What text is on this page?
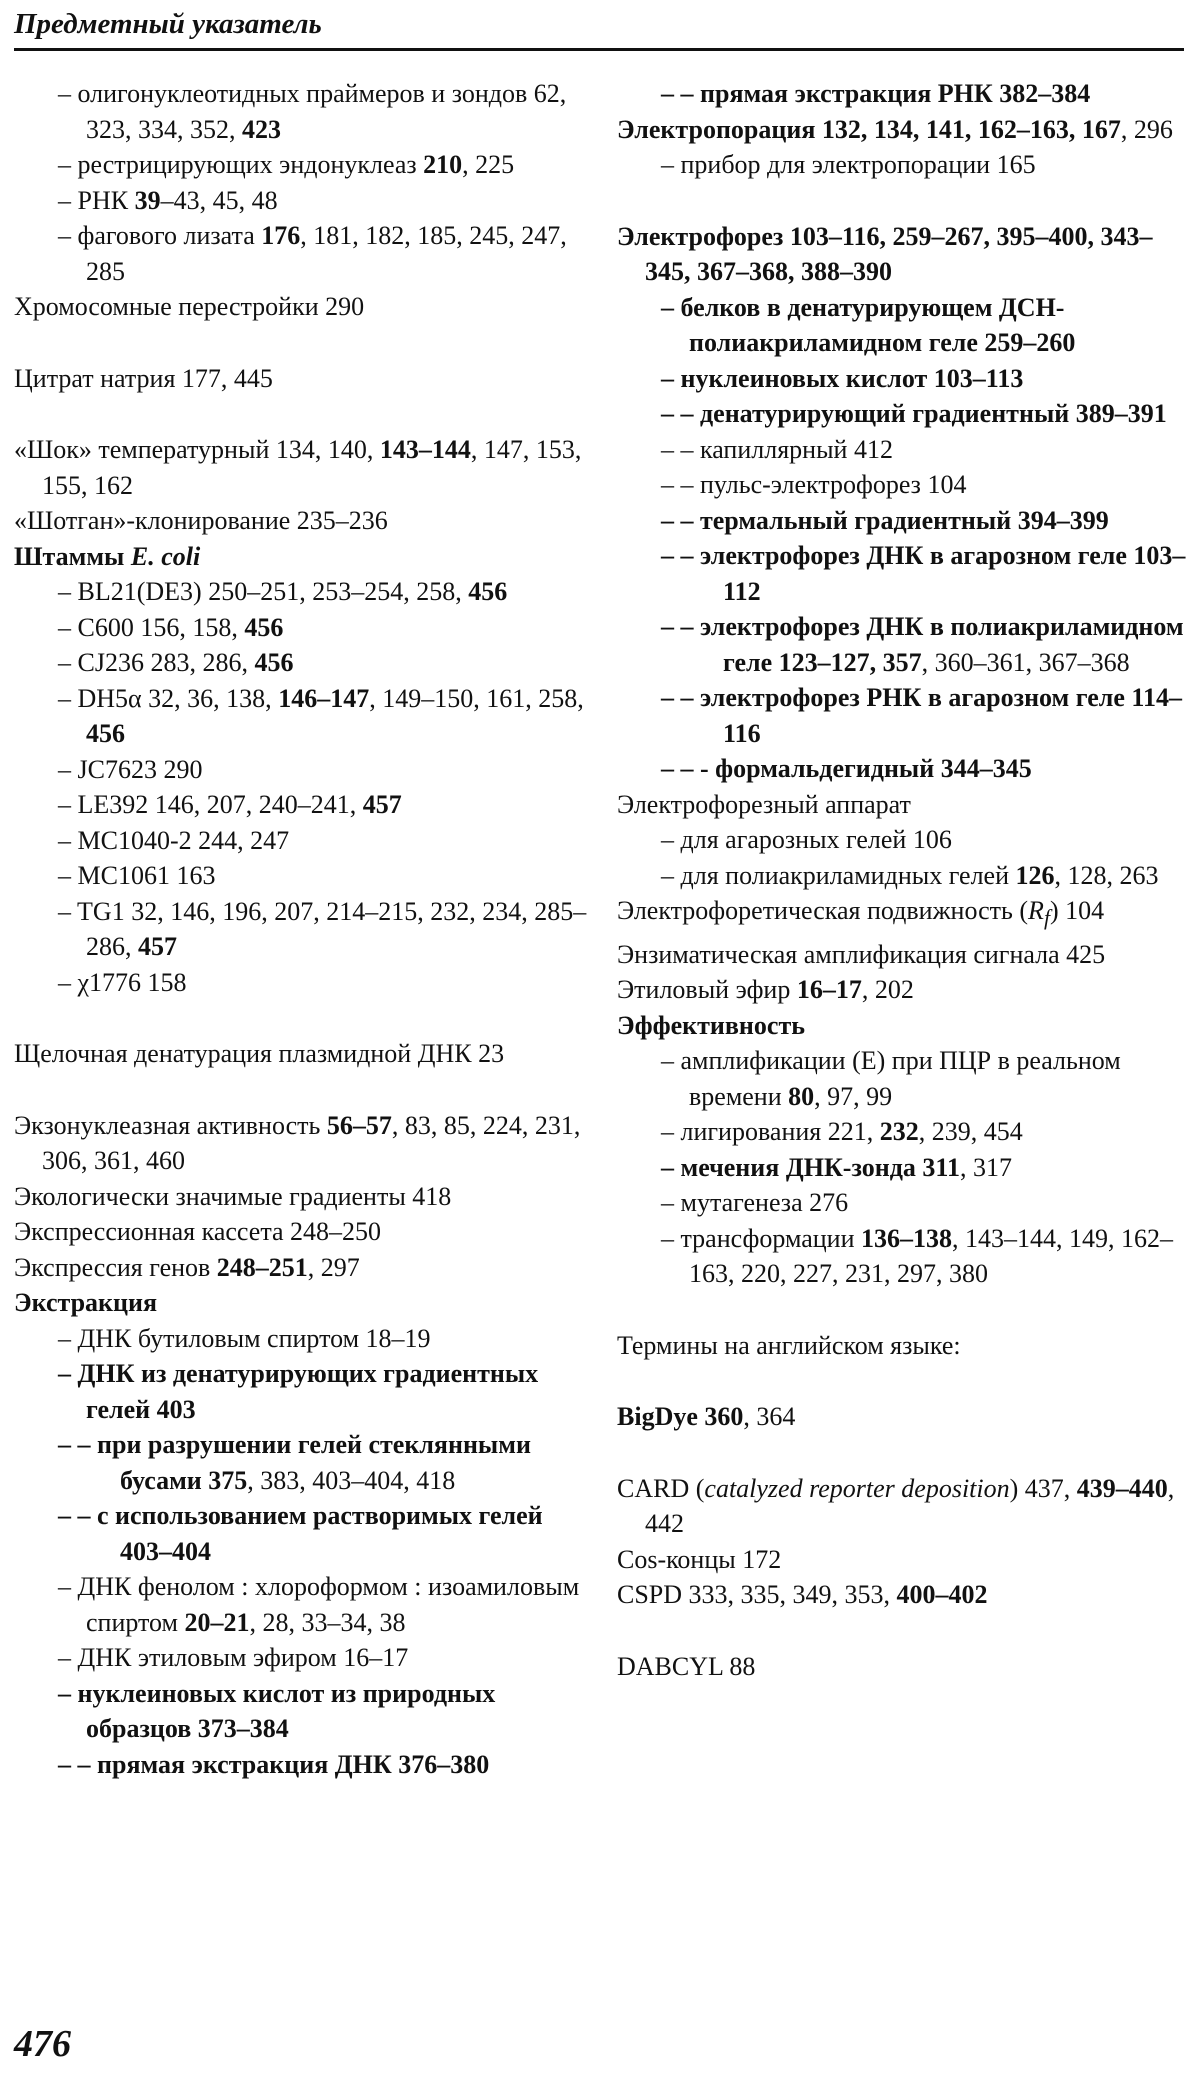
Предметный указатель

– олигонуклеотидных праймеров и зондов 62, 323, 334, 352, 423

– рестрицирующих эндонуклеаз 210, 225

– РНК 39–43, 45, 48

– фагового лизата 176, 181, 182, 185, 245, 247, 285

Хромосомные перестройки 290

Цитрат натрия 177, 445

«Шок» температурный 134, 140, 143–144, 147, 153, 155, 162

«Шотган»-клонирование 235–236

Штаммы E. coli

– BL21(DE3) 250–251, 253–254, 258, 456

– C600 156, 158, 456

– CJ236 283, 286, 456

– DH5α 32, 36, 138, 146–147, 149–150, 161, 258, 456

– JC7623 290

– LE392 146, 207, 240–241, 457

– MC1040-2 244, 247

– MC1061 163

– TG1 32, 146, 196, 207, 214–215, 232, 234, 285–286, 457

– χ1776 158

Щелочная денатурация плазмидной ДНК 23

Экзонуклеазная активность 56–57, 83, 85, 224, 231, 306, 361, 460

Экологически значимые градиенты 418

Экспрессионная кассета 248–250

Экспрессия генов 248–251, 297

Экстракция

– ДНК бутиловым спиртом 18–19

– ДНК из денатурирующих градиентных гелей 403

– – при разрушении гелей стеклянными бусами 375, 383, 403–404, 418

– – с использованием растворимых гелей 403–404

– ДНК фенолом : хлороформом : изоамиловым спиртом 20–21, 28, 33–34, 38

– ДНК этиловым эфиром 16–17

– нуклеиновых кислот из природных образцов 373–384

– – прямая экстракция ДНК 376–380

– – прямая экстракция РНК 382–384

Электропорация 132, 134, 141, 162–163, 167, 296

– прибор для электропорации 165

Электрофорез 103–116, 259–267, 395–400, 343–345, 367–368, 388–390

– белков в денатурирующем ДСН-полиакриламидном геле 259–260

– нуклеиновых кислот 103–113

– – денатурирующий градиентный 389–391

– – капиллярный 412

– – пульс-электрофорез 104

– – термальный градиентный 394–399

– – электрофорез ДНК в агарозном геле 103–112

– – электрофорез ДНК в полиакриламидном геле 123–127, 357, 360–361, 367–368

– – электрофорез РНК в агарозном геле 114–116

– – - формальдегидный 344–345

Электрофорезный аппарат

– для агарозных гелей 106

– для полиакриламидных гелей 126, 128, 263

Электрофоретическая подвижность $(R_f)$ 104

Энзиматическая амплификация сигнала 425

Этиловый эфир 16–17, 202

Эффективность

– амплификации (E) при ПЦР в реальном времени 80, 97, 99

– лигирования 221, 232, 239, 454

– мечения ДНК-зонда 311, 317

– мутагенеза 276

– трансформации 136–138, 143–144, 149, 162–163, 220, 227, 231, 297, 380

Термины на английском языке:

BigDye 360, 364

CARD (catalyzed reporter deposition) 437, 439–440, 442

Cos-концы 172

CSPD 333, 335, 349, 353, 400–402

DABCYL 88

476
